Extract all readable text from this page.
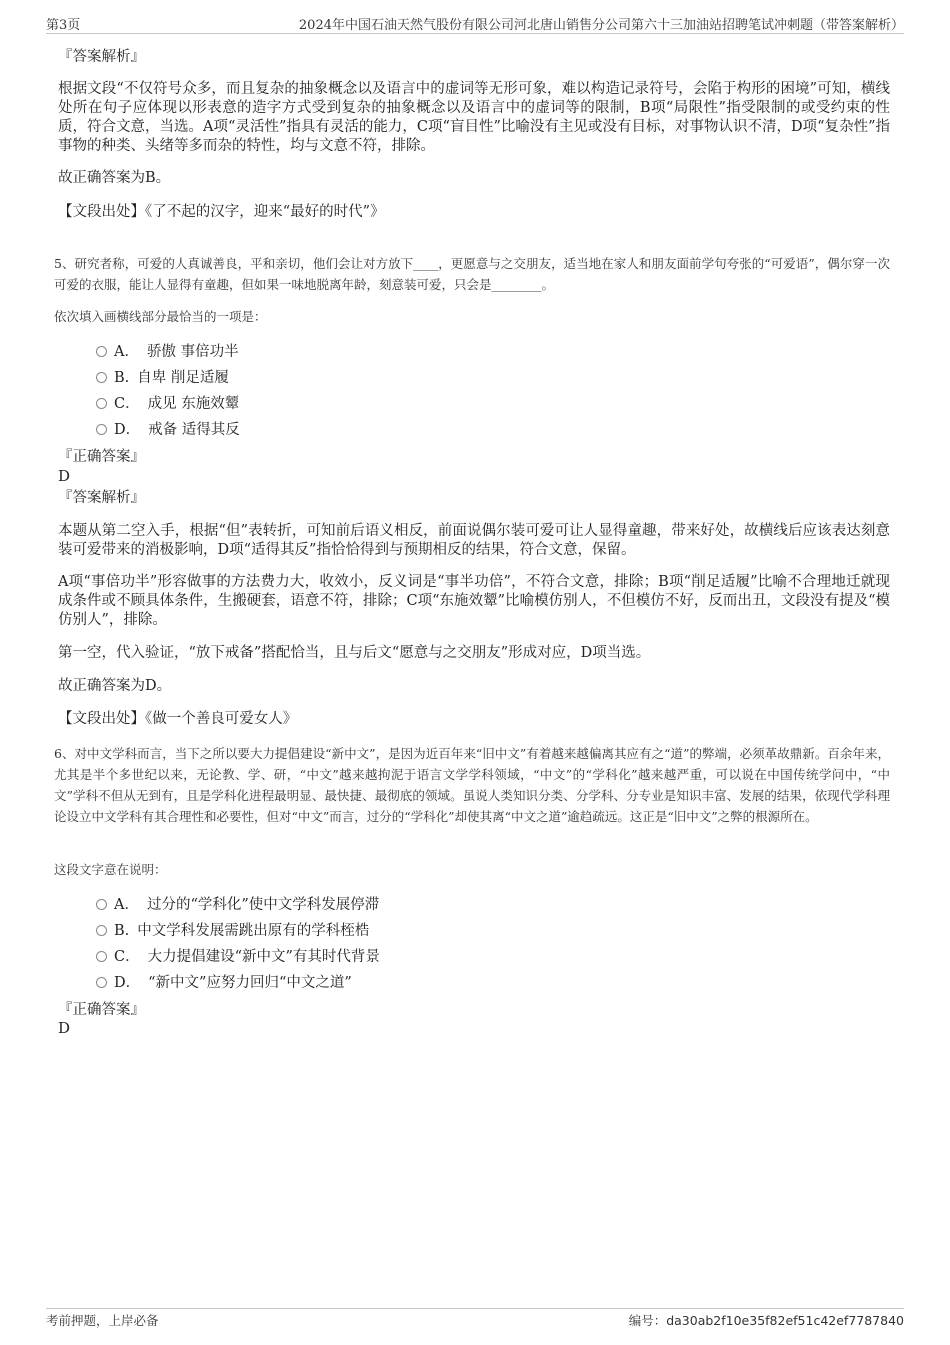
第3页	2024年中国石油天然气股份有限公司河北唐山销售分公司第六十三加油站招聘笔试冲刺题（带答案解析）
『答案解析』
根据文段“不仅符号众多，而且复杂的抽象概念以及语言中的虚词等无形可象，难以构造记录符号，会陷于构形的困境”可知，横线处所在句子应体现以形表意的造字方式受到复杂的抽象概念以及语言中的虚词等的限制，B项“局限性”指受限制的或受约束的性质，符合文意，当选。A项“灵活性”指具有灵活的能力，C项“盲目性”比喻没有主见或没有目标，对事物认识不清，D项“复杂性”指事物的种类、头绪等多而杂的特性，均与文意不符，排除。
故正确答案为B。
【文段出处】《了不起的汉字，迎来“最好的时代”》
5、研究者称，可爱的人真诚善良，平和亲切，他们会让对方放下____，更愿意与之交朋友，适当地在家人和朋友面前学句夸张的“可爱语”，偶尔穿一次可爱的衣服，能让人显得有童趣，但如果一味地脱离年龄，刻意装可爱，只会是________。
依次填入画横线部分最恰当的一项是：
A． 骄傲 事倍功半
B. 自卑 削足适履
C． 成见 东施效颦
D． 戒备 适得其反
『正确答案』
D
『答案解析』
本题从第二空入手，根据“但”表转折，可知前后语义相反，前面说偶尔装可爱可让人显得童趣，带来好处，故横线后应该表达刻意装可爱带来的消极影响，D项“适得其反”指恰恰得到与预期相反的结果，符合文意，保留。
A项“事倍功半”形容做事的方法费力大，收效小，反义词是“事半功倍”，不符合文意，排除；B项“削足适履”比喻不合理地迁就现成条件或不顾具体条件，生搬硬套，语意不符，排除；C项“东施效颦”比喻模仿别人，不但模仿不好，反而出丑，文段没有提及“模仿别人”，排除。
第一空，代入验证，“放下戒备”搭配恰当，且与后文“愿意与之交朋友”形成对应，D项当选。
故正确答案为D。
【文段出处】《做一个善良可爱女人》
6、对中文学科而言，当下之所以要大力提倡建设“新中文”，是因为近百年来“旧中文”有着越来越偏离其应有之“道”的弊端，必须革故鼎新。百余年来，尤其是半个多世纪以来，无论教、学、研，“中文”越来越拘泥于语言文学学科领域，“中文”的“学科化”越来越严重，可以说在中国传统学问中，“中文”学科不但从无到有，且是学科化进程最明显、最快捷、最彻底的领域。虽说人类知识分类、分学科、分专业是知识丰富、发展的结果，依现代学科理论设立中文学科有其合理性和必要性，但对“中文”而言，过分的“学科化”却使其离“中文之道”逾趋疏远。这正是“旧中文”之弊的根源所在。
这段文字意在说明：
A． 过分的“学科化”使中文学科发展停滞
B. 中文学科发展需跳出原有的学科桎梏
C． 大力提倡建设“新中文”有其时代背景
D． “新中文”应努力回归“中文之道”
『正确答案』
D
考前押题，上岸必备	编号：da30ab2f10e35f82ef51c42ef7787840
